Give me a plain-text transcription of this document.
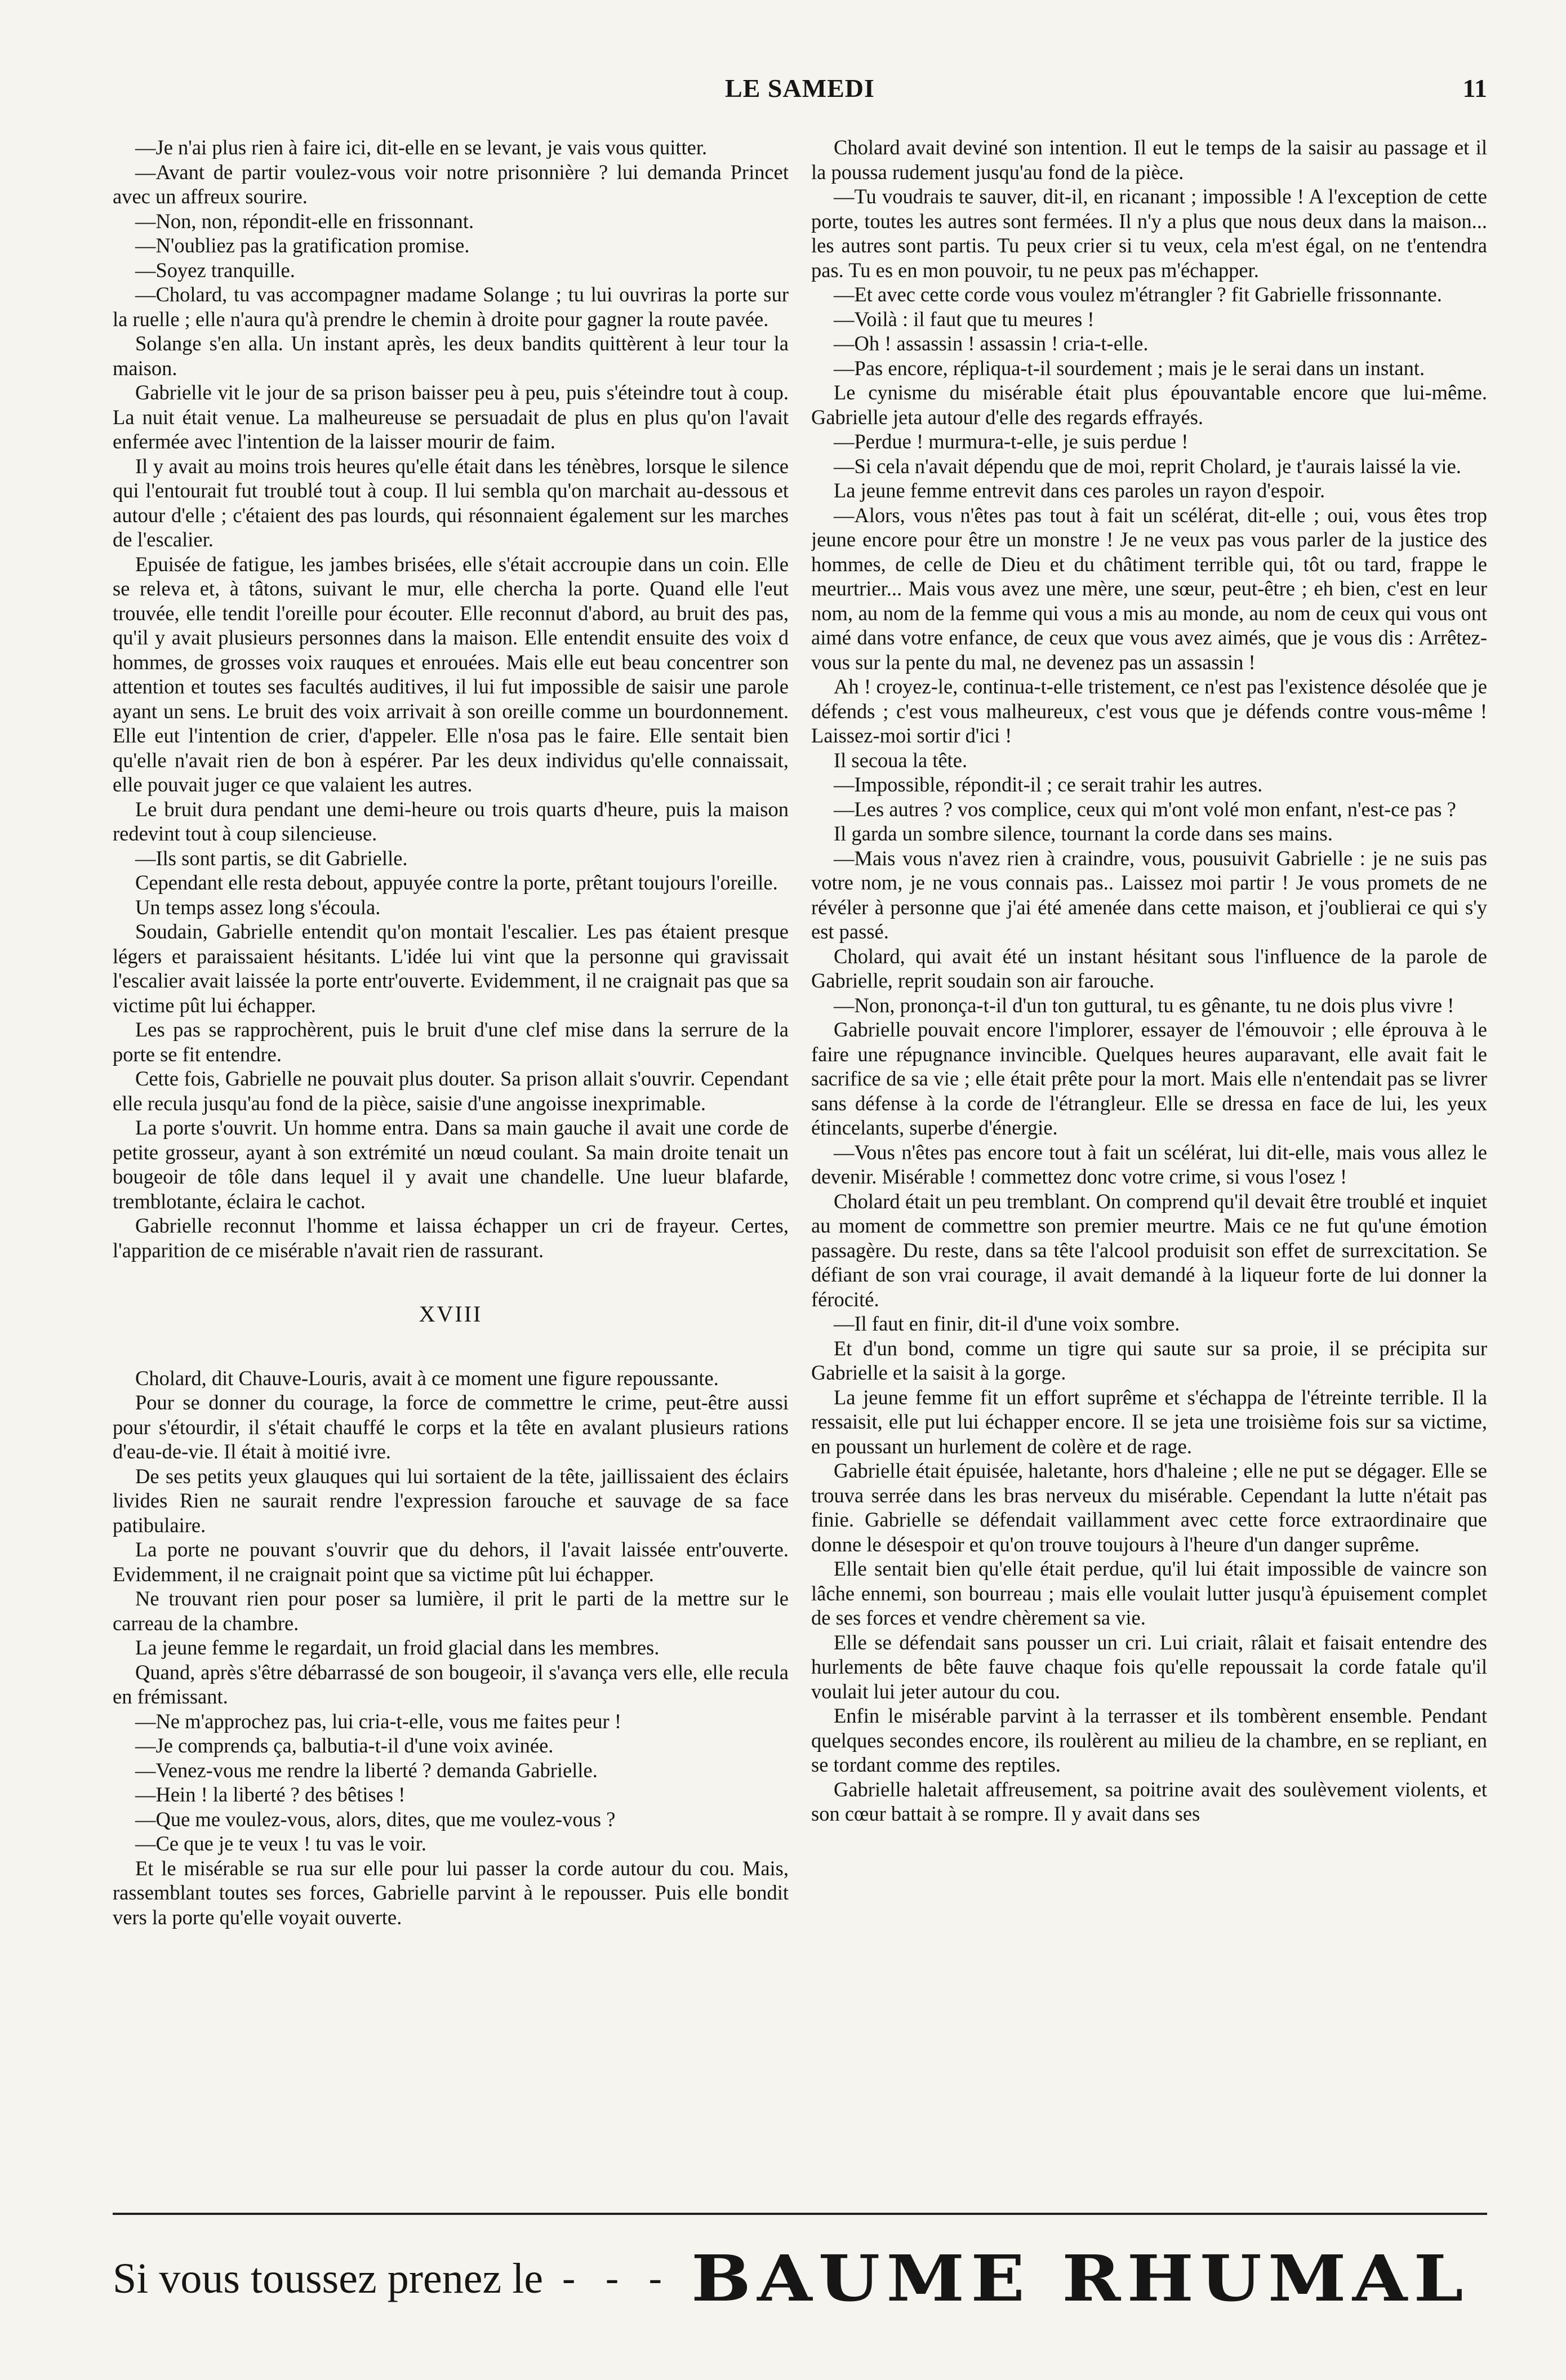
LE SAMEDI	11

—Je n'ai plus rien à faire ici, dit-elle en se levant, je vais vous quitter.

—Avant de partir voulez-vous voir notre prisonnière ? lui demanda Princet avec un affreux sourire.

—Non, non, répondit-elle en frissonnant.

—N'oubliez pas la gratification promise.

—Soyez tranquille.

—Cholard, tu vas accompagner madame Solange ; tu lui ouvriras la porte sur la ruelle ; elle n'aura qu'à prendre le chemin à droite pour gagner la route pavée.

Solange s'en alla. Un instant après, les deux bandits quittèrent à leur tour la maison.

Gabrielle vit le jour de sa prison baisser peu à peu, puis s'éteindre tout à coup. La nuit était venue. La malheureuse se persuadait de plus en plus qu'on l'avait enfermée avec l'intention de la laisser mourir de faim.

Il y avait au moins trois heures qu'elle était dans les ténèbres, lorsque le silence qui l'entourait fut troublé tout à coup. Il lui sembla qu'on marchait au-dessous et autour d'elle ; c'étaient des pas lourds, qui résonnaient également sur les marches de l'escalier.

Epuisée de fatigue, les jambes brisées, elle s'était accroupie dans un coin. Elle se releva et, à tâtons, suivant le mur, elle chercha la porte. Quand elle l'eut trouvée, elle tendit l'oreille pour écouter. Elle reconnut d'abord, au bruit des pas, qu'il y avait plusieurs personnes dans la maison. Elle entendit ensuite des voix d hommes, de grosses voix rauques et enrouées. Mais elle eut beau concentrer son attention et toutes ses facultés auditives, il lui fut impossible de saisir une parole ayant un sens. Le bruit des voix arrivait à son oreille comme un bourdonnement. Elle eut l'intention de crier, d'appeler. Elle n'osa pas le faire. Elle sentait bien qu'elle n'avait rien de bon à espérer. Par les deux individus qu'elle connaissait, elle pouvait juger ce que valaient les autres.

Le bruit dura pendant une demi-heure ou trois quarts d'heure, puis la maison redevint tout à coup silencieuse.

—Ils sont partis, se dit Gabrielle.

Cependant elle resta debout, appuyée contre la porte, prêtant toujours l'oreille.

Un temps assez long s'écoula.

Soudain, Gabrielle entendit qu'on montait l'escalier. Les pas étaient presque légers et paraissaient hésitants. L'idée lui vint que la personne qui gravissait l'escalier avait laissée la porte entr'ouverte. Evidemment, il ne craignait pas que sa victime pût lui échapper.

Les pas se rapprochèrent, puis le bruit d'une clef mise dans la serrure de la porte se fit entendre.

Cette fois, Gabrielle ne pouvait plus douter. Sa prison allait s'ouvrir. Cependant elle recula jusqu'au fond de la pièce, saisie d'une angoisse inexprimable.

La porte s'ouvrit. Un homme entra. Dans sa main gauche il avait une corde de petite grosseur, ayant à son extrémité un nœud coulant. Sa main droite tenait un bougeoir de tôle dans lequel il y avait une chandelle. Une lueur blafarde, tremblotante, éclaira le cachot.

Gabrielle reconnut l'homme et laissa échapper un cri de frayeur. Certes, l'apparition de ce misérable n'avait rien de rassurant.

XVIII

Cholard, dit Chauve-Louris, avait à ce moment une figure repoussante.

Pour se donner du courage, la force de commettre le crime, peut-être aussi pour s'étourdir, il s'était chauffé le corps et la tête en avalant plusieurs rations d'eau-de-vie. Il était à moitié ivre.

De ses petits yeux glauques qui lui sortaient de la tête, jaillissaient des éclairs livides Rien ne saurait rendre l'expression farouche et sauvage de sa face patibulaire.

La porte ne pouvant s'ouvrir que du dehors, il l'avait laissée entr'ouverte. Evidemment, il ne craignait point que sa victime pût lui échapper.

Ne trouvant rien pour poser sa lumière, il prit le parti de la mettre sur le carreau de la chambre.

La jeune femme le regardait, un froid glacial dans les membres.

Quand, après s'être débarrassé de son bougeoir, il s'avança vers elle, elle recula en frémissant.

—Ne m'approchez pas, lui cria-t-elle, vous me faites peur !

—Je comprends ça, balbutia-t-il d'une voix avinée.

—Venez-vous me rendre la liberté ? demanda Gabrielle.

—Hein ! la liberté ? des bêtises !

—Que me voulez-vous, alors, dites, que me voulez-vous ?

—Ce que je te veux ! tu vas le voir.

Et le misérable se rua sur elle pour lui passer la corde autour du cou. Mais, rassemblant toutes ses forces, Gabrielle parvint à le repousser. Puis elle bondit vers la porte qu'elle voyait ouverte.

Cholard avait deviné son intention. Il eut le temps de la saisir au passage et il la poussa rudement jusqu'au fond de la pièce.

—Tu voudrais te sauver, dit-il, en ricanant ; impossible ! A l'exception de cette porte, toutes les autres sont fermées. Il n'y a plus que nous deux dans la maison... les autres sont partis. Tu peux crier si tu veux, cela m'est égal, on ne t'entendra pas. Tu es en mon pouvoir, tu ne peux pas m'échapper.

—Et avec cette corde vous voulez m'étrangler ? fit Gabrielle frissonnante.

—Voilà : il faut que tu meures !

—Oh ! assassin ! assassin ! cria-t-elle.

—Pas encore, répliqua-t-il sourdement ; mais je le serai dans un instant.

Le cynisme du misérable était plus épouvantable encore que lui-même. Gabrielle jeta autour d'elle des regards effrayés.

—Perdue ! murmura-t-elle, je suis perdue !

—Si cela n'avait dépendu que de moi, reprit Cholard, je t'aurais laissé la vie.

La jeune femme entrevit dans ces paroles un rayon d'espoir.

—Alors, vous n'êtes pas tout à fait un scélérat, dit-elle ; oui, vous êtes trop jeune encore pour être un monstre ! Je ne veux pas vous parler de la justice des hommes, de celle de Dieu et du châtiment terrible qui, tôt ou tard, frappe le meurtrier... Mais vous avez une mère, une sœur, peut-être ; eh bien, c'est en leur nom, au nom de la femme qui vous a mis au monde, au nom de ceux qui vous ont aimé dans votre enfance, de ceux que vous avez aimés, que je vous dis : Arrêtez-vous sur la pente du mal, ne devenez pas un assassin !

Ah ! croyez-le, continua-t-elle tristement, ce n'est pas l'existence désolée que je défends ; c'est vous malheureux, c'est vous que je défends contre vous-même ! Laissez-moi sortir d'ici !

Il secoua la tête.

—Impossible, répondit-il ; ce serait trahir les autres.

—Les autres ? vos complice, ceux qui m'ont volé mon enfant, n'est-ce pas ?

Il garda un sombre silence, tournant la corde dans ses mains.

—Mais vous n'avez rien à craindre, vous, pousuivit Gabrielle : je ne suis pas votre nom, je ne vous connais pas.. Laissez moi partir ! Je vous promets de ne révéler à personne que j'ai été amenée dans cette maison, et j'oublierai ce qui s'y est passé.

Cholard, qui avait été un instant hésitant sous l'influence de la parole de Gabrielle, reprit soudain son air farouche.

—Non, prononça-t-il d'un ton guttural, tu es gênante, tu ne dois plus vivre !

Gabrielle pouvait encore l'implorer, essayer de l'émouvoir ; elle éprouva à le faire une répugnance invincible. Quelques heures auparavant, elle avait fait le sacrifice de sa vie ; elle était prête pour la mort. Mais elle n'entendait pas se livrer sans défense à la corde de l'étrangleur. Elle se dressa en face de lui, les yeux étincelants, superbe d'énergie.

—Vous n'êtes pas encore tout à fait un scélérat, lui dit-elle, mais vous allez le devenir. Misérable ! commettez donc votre crime, si vous l'osez !

Cholard était un peu tremblant. On comprend qu'il devait être troublé et inquiet au moment de commettre son premier meurtre. Mais ce ne fut qu'une émotion passagère. Du reste, dans sa tête l'alcool produisit son effet de surrexcitation. Se défiant de son vrai courage, il avait demandé à la liqueur forte de lui donner la férocité.

—Il faut en finir, dit-il d'une voix sombre.

Et d'un bond, comme un tigre qui saute sur sa proie, il se précipita sur Gabrielle et la saisit à la gorge.

La jeune femme fit un effort suprême et s'échappa de l'étreinte terrible. Il la ressaisit, elle put lui échapper encore. Il se jeta une troisième fois sur sa victime, en poussant un hurlement de colère et de rage.

Gabrielle était épuisée, haletante, hors d'haleine ; elle ne put se dégager. Elle se trouva serrée dans les bras nerveux du misérable. Cependant la lutte n'était pas finie. Gabrielle se défendait vaillamment avec cette force extraordinaire que donne le désespoir et qu'on trouve toujours à l'heure d'un danger suprême.

Elle sentait bien qu'elle était perdue, qu'il lui était impossible de vaincre son lâche ennemi, son bourreau ; mais elle voulait lutter jusqu'à épuisement complet de ses forces et vendre chèrement sa vie.

Elle se défendait sans pousser un cri. Lui criait, râlait et faisait entendre des hurlements de bête fauve chaque fois qu'elle repoussait la corde fatale qu'il voulait lui jeter autour du cou.

Enfin le misérable parvint à la terrasser et ils tombèrent ensemble. Pendant quelques secondes encore, ils roulèrent au milieu de la chambre, en se repliant, en se tordant comme des reptiles.

Gabrielle haletait affreusement, sa poitrine avait des soulèvement violents, et son cœur battait à se rompre. Il y avait dans ses

Si vous toussez prenez le - - - BAUME RHUMAL
